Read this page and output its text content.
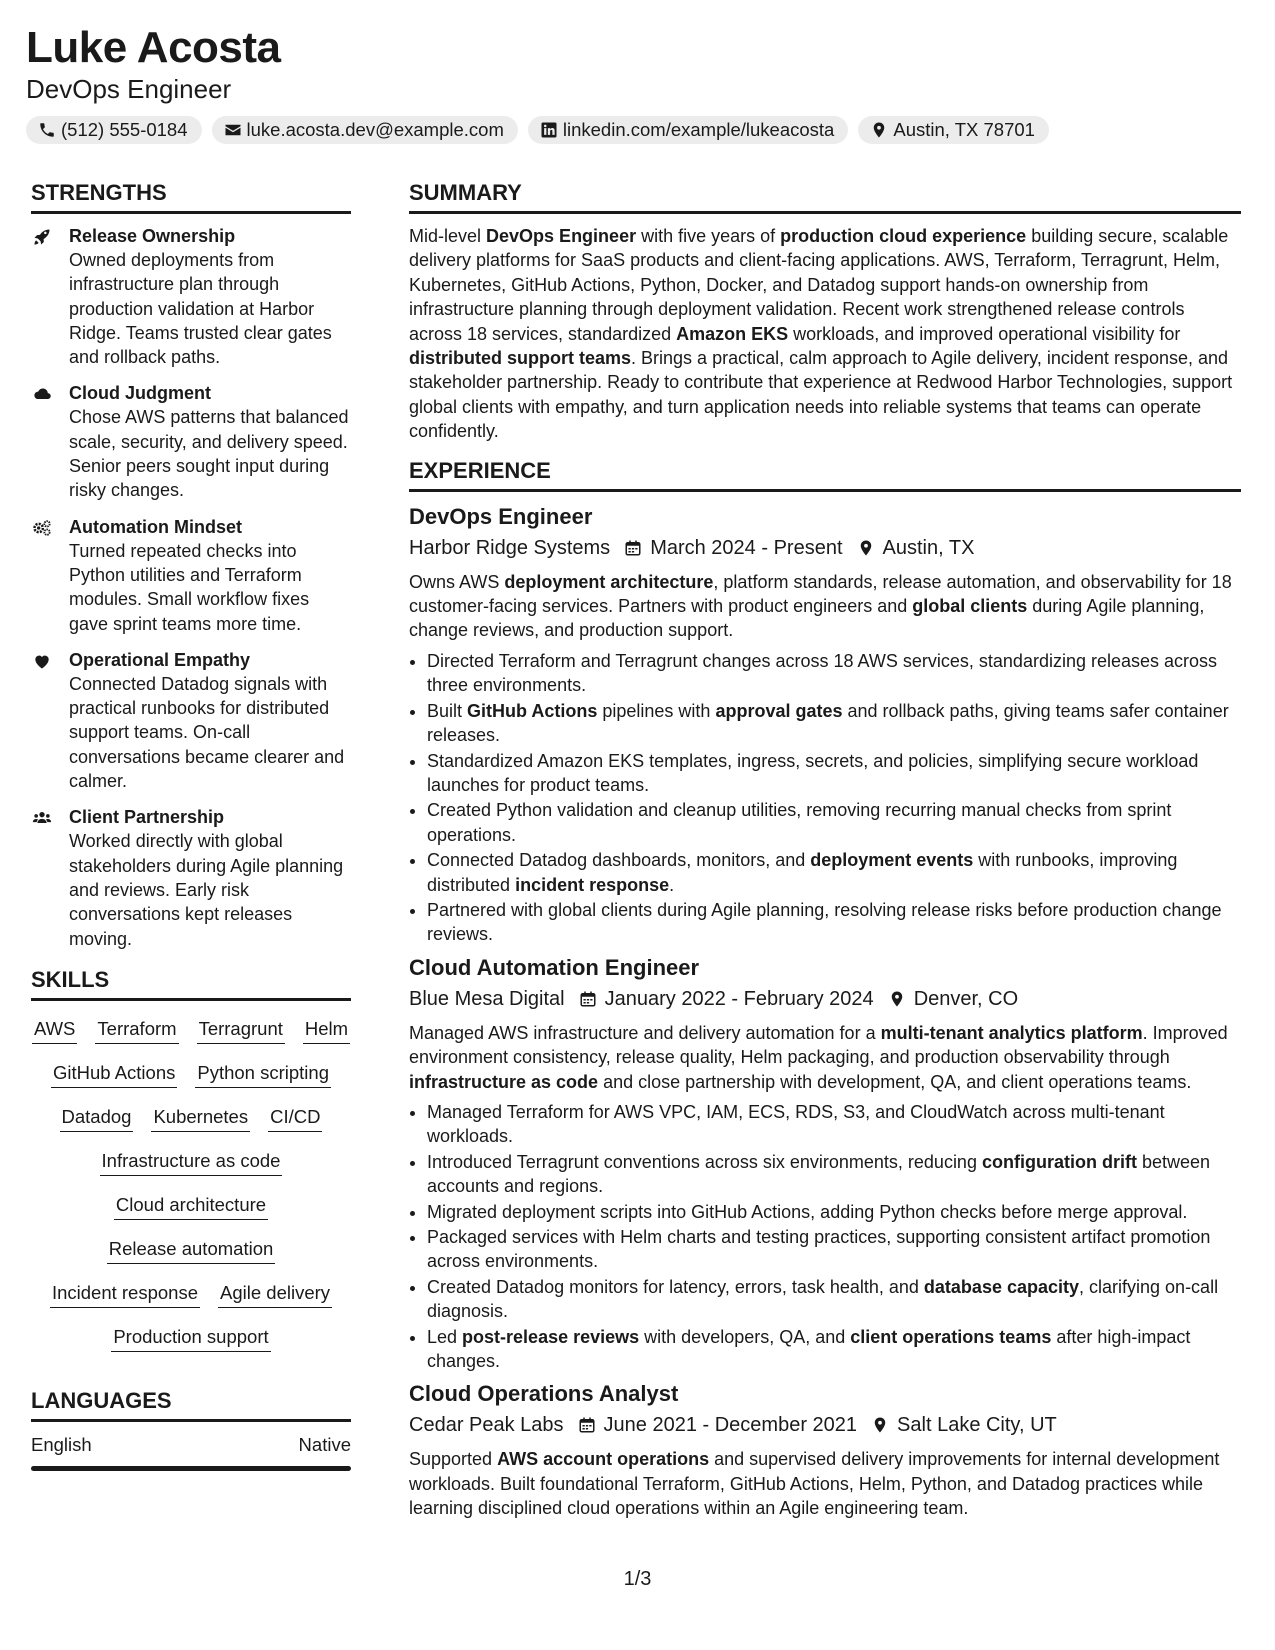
Luke Acosta
DevOps Engineer
(512) 555-0184	luke.acosta.dev@example.com	linkedin.com/example/lukeacosta	Austin, TX 78701
STRENGTHS
Release Ownership
Owned deployments from infrastructure plan through production validation at Harbor Ridge. Teams trusted clear gates and rollback paths.
Cloud Judgment
Chose AWS patterns that balanced scale, security, and delivery speed. Senior peers sought input during risky changes.
Automation Mindset
Turned repeated checks into Python utilities and Terraform modules. Small workflow fixes gave sprint teams more time.
Operational Empathy
Connected Datadog signals with practical runbooks for distributed support teams. On-call conversations became clearer and calmer.
Client Partnership
Worked directly with global stakeholders during Agile planning and reviews. Early risk conversations kept releases moving.
SKILLS
AWS Terraform Terragrunt Helm
GitHub Actions Python scripting
Datadog Kubernetes CI/CD
Infrastructure as code
Cloud architecture
Release automation
Incident response Agile delivery
Production support
LANGUAGES
English	Native
SUMMARY

Mid-level DevOps Engineer with five years of production cloud experience building secure, scalable delivery platforms for SaaS products and client-facing applications. AWS, Terraform, Terragrunt, Helm, Kubernetes, GitHub Actions, Python, Docker, and Datadog support hands-on ownership from infrastructure planning through deployment validation. Recent work strengthened release controls across 18 services, standardized Amazon EKS workloads, and improved operational visibility for distributed support teams. Brings a practical, calm approach to Agile delivery, incident response, and stakeholder partnership. Ready to contribute that experience at Redwood Harbor Technologies, support global clients with empathy, and turn application needs into reliable systems that teams can operate confidently.

EXPERIENCE
DevOps Engineer
Harbor Ridge Systems March 2024 - Present Austin, TX

Owns AWS deployment architecture, platform standards, release automation, and observability for 18 customer-facing services. Partners with product engineers and global clients during Agile planning, change reviews, and production support.

• Directed Terraform and Terragrunt changes across 18 AWS services, standardizing releases across three environments.
• Built GitHub Actions pipelines with approval gates and rollback paths, giving teams safer container releases.
• Standardized Amazon EKS templates, ingress, secrets, and policies, simplifying secure workload launches for product teams.
• Created Python validation and cleanup utilities, removing recurring manual checks from sprint operations.
• Connected Datadog dashboards, monitors, and deployment events with runbooks, improving distributed incident response.
• Partnered with global clients during Agile planning, resolving release risks before production change reviews.
Cloud Automation Engineer
Blue Mesa Digital January 2022 - February 2024 Denver, CO

Managed AWS infrastructure and delivery automation for a multi-tenant analytics platform. Improved environment consistency, release quality, Helm packaging, and production observability through infrastructure as code and close partnership with development, QA, and client operations teams.

• Managed Terraform for AWS VPC, IAM, ECS, RDS, S3, and CloudWatch across multi-tenant workloads.
• Introduced Terragrunt conventions across six environments, reducing configuration drift between accounts and regions.
• Migrated deployment scripts into GitHub Actions, adding Python checks before merge approval.
• Packaged services with Helm charts and testing practices, supporting consistent artifact promotion across environments.
• Created Datadog monitors for latency, errors, task health, and database capacity, clarifying on-call diagnosis.
• Led post-release reviews with developers, QA, and client operations teams after high-impact changes.
Cloud Operations Analyst
Cedar Peak Labs June 2021 - December 2021 Salt Lake City, UT

Supported AWS account operations and supervised delivery improvements for internal development workloads. Built foundational Terraform, GitHub Actions, Helm, Python, and Datadog practices while learning disciplined cloud operations within an Agile engineering team.

1/3
